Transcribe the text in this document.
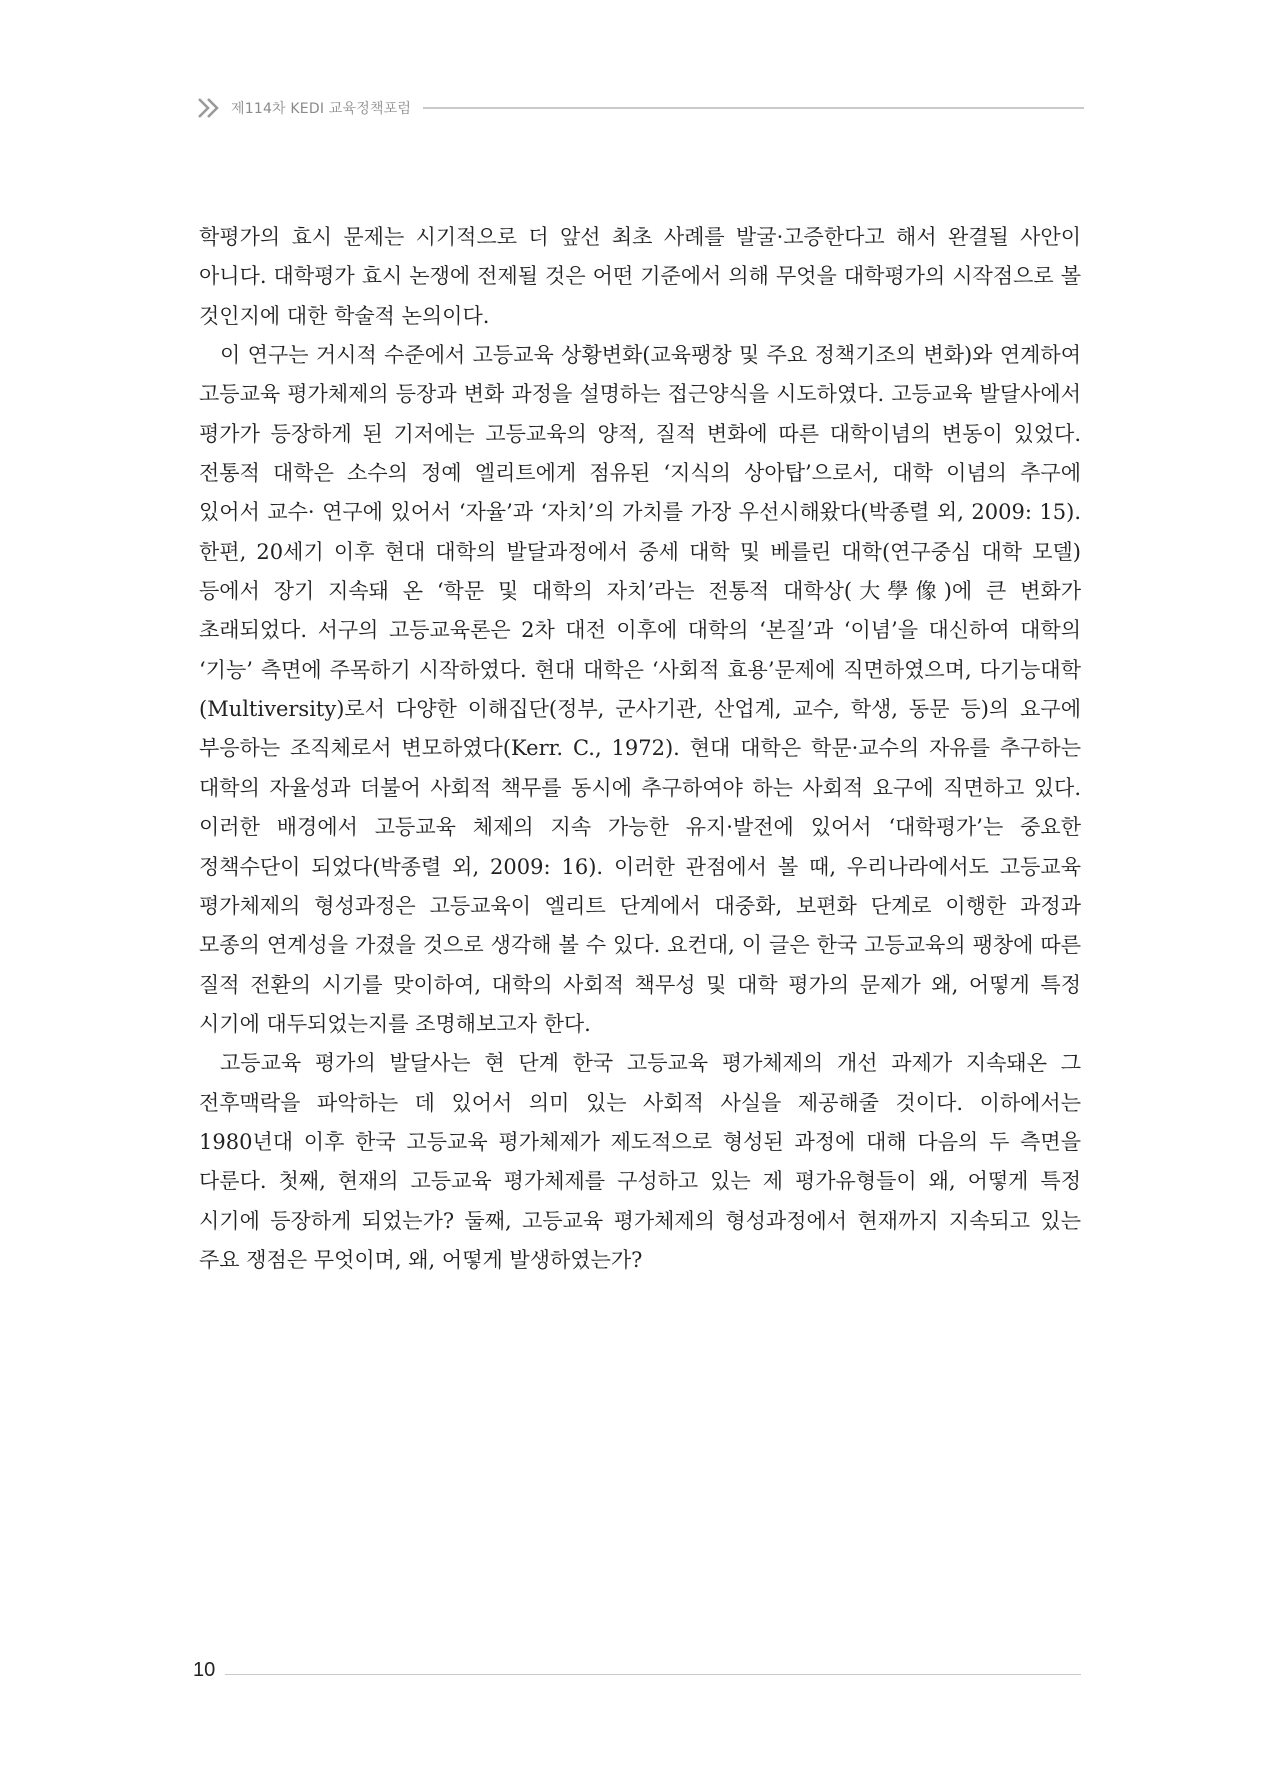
제114차 KEDI 교육정책포럼

학평가의 효시 문제는 시기적으로 더 앞선 최초 사례를 발굴·고증한다고 해서 완결될 사안이 아니다. 대학평가 효시 논쟁에 전제될 것은 어떤 기준에서 의해 무엇을 대학평가의 시작점으로 볼 것인지에 대한 학술적 논의이다.

이 연구는 거시적 수준에서 고등교육 상황변화(교육팽창 및 주요 정책기조의 변화)와 연계하여 고등교육 평가체제의 등장과 변화 과정을 설명하는 접근양식을 시도하였다. 고등교육 발달사에서 평가가 등장하게 된 기저에는 고등교육의 양적, 질적 변화에 따른 대학이념의 변동이 있었다. 전통적 대학은 소수의 정예 엘리트에게 점유된 ‘지식의 상아탑’으로서, 대학 이념의 추구에 있어서 교수· 연구에 있어서 ‘자율’과 ‘자치’의 가치를 가장 우선시해왔다(박종렬 외, 2009: 15). 한편, 20세기 이후 현대 대학의 발달과정에서 중세 대학 및 베를린 대학(연구중심 대학 모델) 등에서 장기 지속돼 온 ‘학문 및 대학의 자치’라는 전통적 대학상(大學像)에 큰 변화가 초래되었다. 서구의 고등교육론은 2차 대전 이후에 대학의 ‘본질’과 ‘이념’을 대신하여 대학의 ‘기능’ 측면에 주목하기 시작하였다. 현대 대학은 ‘사회적 효용’문제에 직면하였으며, 다기능대학(Multiversity)로서 다양한 이해집단(정부, 군사기관, 산업계, 교수, 학생, 동문 등)의 요구에 부응하는 조직체로서 변모하였다(Kerr. C., 1972). 현대 대학은 학문·교수의 자유를 추구하는 대학의 자율성과 더불어 사회적 책무를 동시에 추구하여야 하는 사회적 요구에 직면하고 있다. 이러한 배경에서 고등교육 체제의 지속 가능한 유지·발전에 있어서 ‘대학평가’는 중요한 정책수단이 되었다(박종렬 외, 2009: 16). 이러한 관점에서 볼 때, 우리나라에서도 고등교육 평가체제의 형성과정은 고등교육이 엘리트 단계에서 대중화, 보편화 단계로 이행한 과정과 모종의 연계성을 가졌을 것으로 생각해 볼 수 있다. 요컨대, 이 글은 한국 고등교육의 팽창에 따른 질적 전환의 시기를 맞이하여, 대학의 사회적 책무성 및 대학 평가의 문제가 왜, 어떻게 특정 시기에 대두되었는지를 조명해보고자 한다.

고등교육 평가의 발달사는 현 단계 한국 고등교육 평가체제의 개선 과제가 지속돼온 그 전후맥락을 파악하는 데 있어서 의미 있는 사회적 사실을 제공해줄 것이다. 이하에서는 1980년대 이후 한국 고등교육 평가체제가 제도적으로 형성된 과정에 대해 다음의 두 측면을 다룬다. 첫째, 현재의 고등교육 평가체제를 구성하고 있는 제 평가유형들이 왜, 어떻게 특정 시기에 등장하게 되었는가? 둘째, 고등교육 평가체제의 형성과정에서 현재까지 지속되고 있는 주요 쟁점은 무엇이며, 왜, 어떻게 발생하였는가?

10
